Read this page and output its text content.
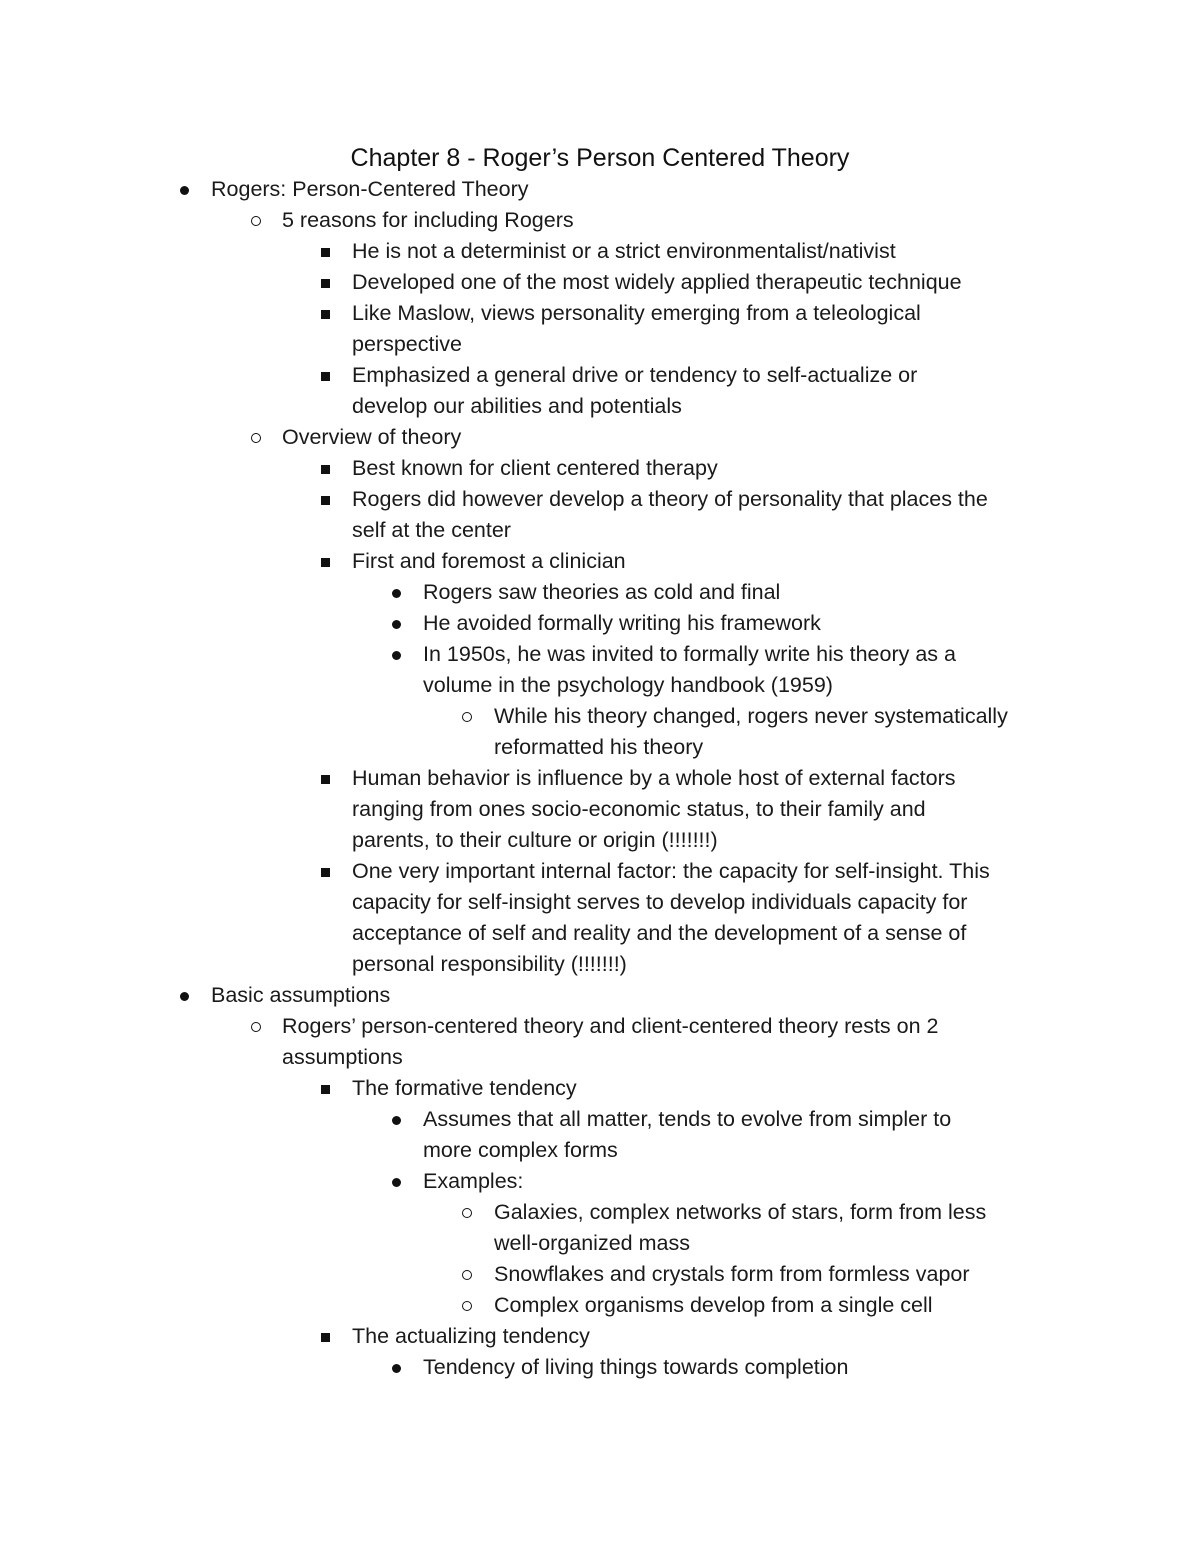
Chapter 8 - Roger’s Person Centered Theory
Rogers: Person-Centered Theory
5 reasons for including Rogers
He is not a determinist or a strict environmentalist/nativist
Developed one of the most widely applied therapeutic technique
Like Maslow, views personality emerging from a teleological
perspective
Emphasized a general drive or tendency to self-actualize or
develop our abilities and potentials
Overview of theory
Best known for client centered therapy
Rogers did however develop a theory of personality that places the
self at the center
First and foremost a clinician
Rogers saw theories as cold and final
He avoided formally writing his framework
In 1950s, he was invited to formally write his theory as a
volume in the psychology handbook (1959)
While his theory changed, rogers never systematically
reformatted his theory
Human behavior is influence by a whole host of external factors
ranging from ones socio-economic status, to their family and
parents, to their culture or origin (!!!!!!!)
One very important internal factor: the capacity for self-insight. This
capacity for self-insight serves to develop individuals capacity for
acceptance of self and reality and the development of a sense of
personal responsibility (!!!!!!!)
Basic assumptions
Rogers’ person-centered theory and client-centered theory rests on 2
assumptions
The formative tendency
Assumes that all matter, tends to evolve from simpler to
more complex forms
Examples:
Galaxies, complex networks of stars, form from less
well-organized mass
Snowflakes and crystals form from formless vapor
Complex organisms develop from a single cell
The actualizing tendency
Tendency of living things towards completion
